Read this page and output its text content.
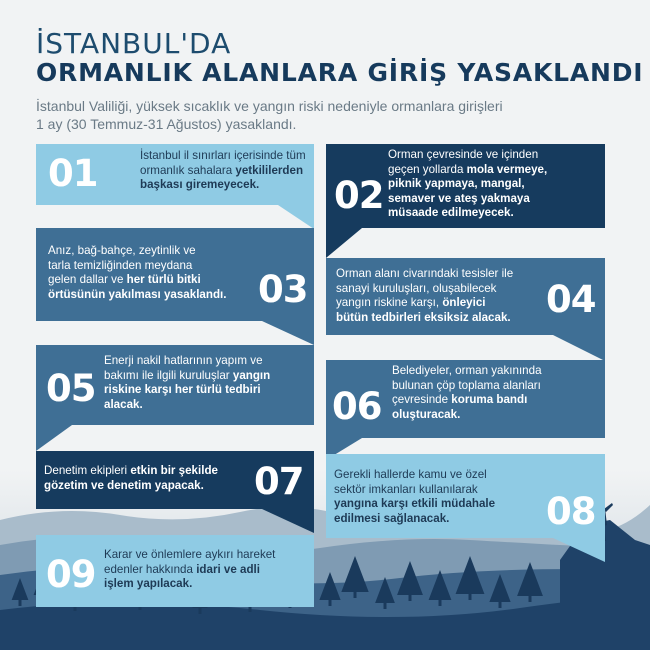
İSTANBUL'DA
ORMANLIK ALANLARA GİRİŞ YASAKLANDI
İstanbul Valiliği, yüksek sıcaklık ve yangın riski nedeniyle ormanlara girişleri
1 ay (30 Temmuz-31 Ağustos) yasaklandı.
01	İstanbul il sınırları içerisinde tüm
ormanlık sahalara yetkililerden
başkası giremeyecek.	02
Orman çevresinde ve içinden
geçen yollarda mola vermeye,
piknik yapmaya, mangal,
semaver ve ateş yakmaya
müsaade edilmeyecek.
03
Anız, bağ-bahçe, zeytinlik ve
tarla temizliğinden meydana
gelen dallar ve her türlü bitki
örtüsünün yakılması yasaklandı.	04
Orman alanı civarındaki tesisler ile
sanayi kuruluşları, oluşabilecek
yangın riskine karşı, önleyici
bütün tedbirleri eksiksiz alacak.
05
Enerji nakil hatlarının yapım ve
bakımı ile ilgili kuruluşlar yangın
riskine karşı her türlü tedbiri
alacak.	06
Belediyeler, orman yakınında
bulunan çöp toplama alanları
çevresinde koruma bandı
oluşturacak.
07
Denetim ekipleri etkin bir şekilde
gözetim ve denetim yapacak.
08
Gerekli hallerde kamu ve özel
sektör imkanları kullanılarak
yangına karşı etkili müdahale
edilmesi sağlanacak.
09 Karar ve önlemlere aykırı hareket
edenler hakkında idari ve adli
işlem yapılacak.
